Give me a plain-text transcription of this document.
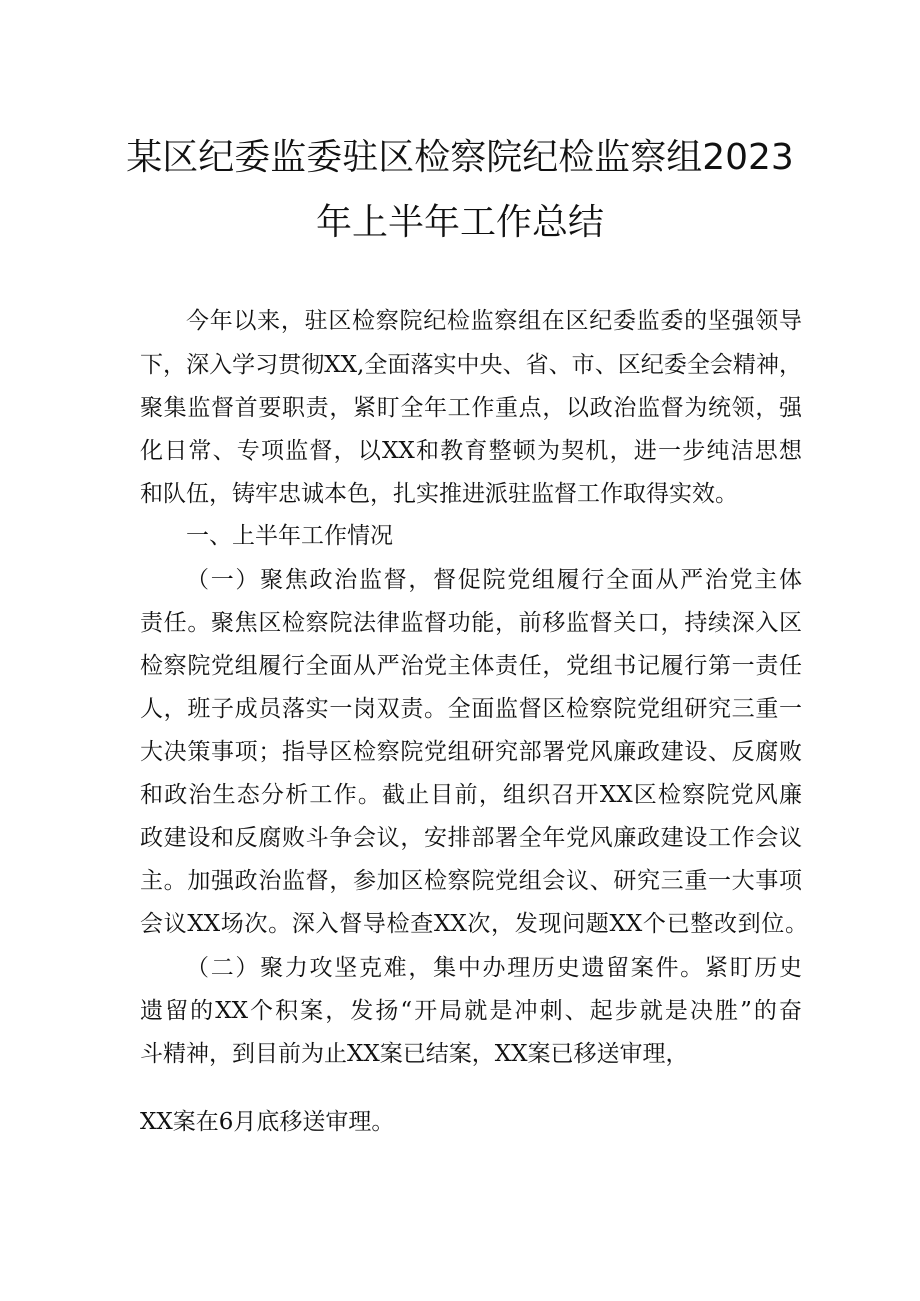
某区纪委监委驻区检察院纪检监察组2023
年上半年工作总结

今年以来，驻区检察院纪检监察组在区纪委监委的坚强领导

下，深入学习贯彻XX,全面落实中央、省、市、区纪委全会精神，

聚集监督首要职责，紧盯全年工作重点，以政治监督为统领，强

化日常、专项监督，以XX和教育整顿为契机，进一步纯洁思想

和队伍，铸牢忠诚本色，扎实推进派驻监督工作取得实效。

一、上半年工作情况

（一）聚焦政治监督，督促院党组履行全面从严治党主体

责任。聚焦区检察院法律监督功能，前移监督关口，持续深入区

检察院党组履行全面从严治党主体责任，党组书记履行第一责任

人，班子成员落实一岗双责。全面监督区检察院党组研究三重一

大决策事项；指导区检察院党组研究部署党风廉政建设、反腐败

和政治生态分析工作。截止目前，组织召开XX区检察院党风廉

政建设和反腐败斗争会议，安排部署全年党风廉政建设工作会议

主。加强政治监督，参加区检察院党组会议、研究三重一大事项

会议XX场次。深入督导检查XX次，发现问题XX个已整改到位。

（二）聚力攻坚克难，集中办理历史遗留案件。紧盯历史

遗留的XX个积案，发扬“开局就是冲刺、起步就是决胜”的奋

斗精神，到目前为止XX案已结案，XX案已移送审理，

XX案在6月底移送审理。
